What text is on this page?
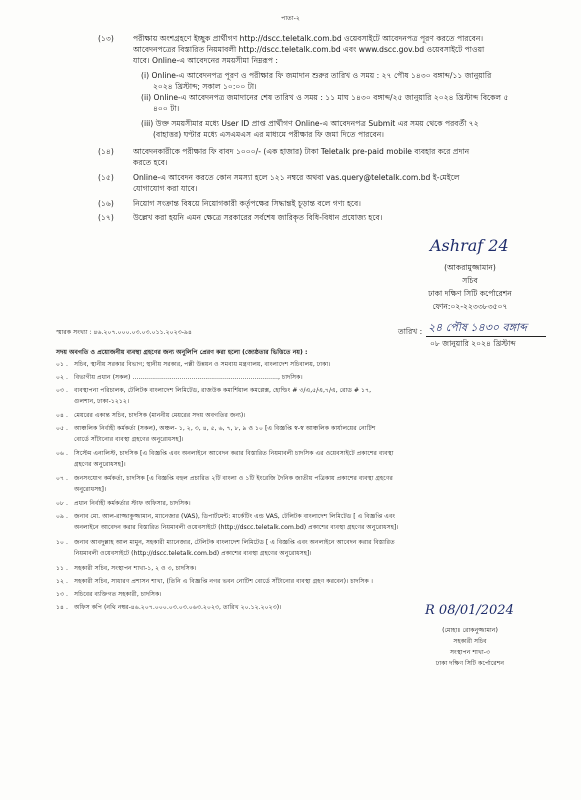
পাতা-২
(১৩)	পরীক্ষায় অংশগ্রহণে ইচ্ছুক প্রার্থীগণ http://dscc.teletalk.com.bd ওয়েবসাইটে আবেদনপত্র পূরণ করতে পারবেন।
আবেদনপত্রের বিস্তারিত নিয়মাবলী http://dscc.teletalk.com.bd এবং www.dscc.gov.bd ওয়েবসাইটে পাওয়া
যাবে। Online-এ আবেদনের সময়সীমা নিম্নরূপ :
(i) Online-এ আবেদনপত্র পূরণ ও পরীক্ষার ফি জমাদান শুরুর তারিখ ও সময় : ২৭ পৌষ ১৪৩০ বঙ্গাব্দ/১১ জানুয়ারি
২০২৪ খ্রিস্টাব্দ; সকাল ১০:০০ টা।
(ii) Online-এ আবেদনপত্র জমাদানের শেষ তারিখ ও সময় : ১১ মাঘ ১৪৩০ বঙ্গাব্দ/২৫ জানুয়ারি ২০২৪ খ্রিস্টাব্দ বিকেল ৫
৪০০ টা।
(iii) উক্ত সময়সীমার মধ্যে User ID প্রাপ্ত প্রার্থীগণ Online-এ আবেদনপত্র Submit এর সময় থেকে পরবর্তী ৭২
(বাহাত্তর) ঘণ্টার মধ্যে এসএমএস এর মাধ্যমে পরীক্ষার ফি জমা দিতে পারবেন।
(১৪)	আবেদনকারীকে পরীক্ষার ফি বাবদ ১০০০/- (এক হাজার) টাকা Teletalk pre-paid mobile ব্যবহার করে প্রদান
করতে হবে।
(১৫)	Online-এ আবেদন করতে কোন সমস্যা হলে ১২১ নম্বরে অথবা vas.query@teletalk.com.bd ই-মেইলে
যোগাযোগ করা যাবে।
(১৬)	নিয়োগ সংক্রান্ত বিষয়ে নিয়োগকারী কর্তৃপক্ষের সিদ্ধান্তই চূড়ান্ত বলে গণ্য হবে।
(১৭)	উল্লেখ করা হয়নি এমন ক্ষেত্রে সরকারের সর্বশেষ জারিকৃত বিধি-বিধান প্রযোজ্য হবে।
Ashraf 24
(আকরামুজ্জামান)
সচিব
ঢাকা দক্ষিণ সিটি কর্পোরেশন
ফোন:০২-২২৩৩৮৩৫০৭
স্মারক সংখ্যা : ৪৬.২০৭.০০০.০৩.০৩.০১১.২০২৩-৯৪	তারিখ : ২৪ পৌষ ১৪৩০ বঙ্গাব্দ
০৮ জানুয়ারি ২০২৪ খ্রিস্টাব্দ
সদয় অবগতি ও প্রয়োজনীয় ব্যবস্থা গ্রহণের জন্য অনুলিপি প্রেরণ করা হলো (জ্যেষ্ঠতার ভিত্তিতে নয়) :
০১ . সচিব, স্থানীয় সরকার বিভাগ; স্থানীয় সরকার, পল্লী উন্নয়ন ও সমবায় মন্ত্রণালয়, বাংলাদেশ সচিবালয়, ঢাকা।
০২ . বিভাগীয় প্রধান (সকল) .........................................................................., চাদসিক।
০৩ . ব্যবস্থাপনা পরিচালক, টেলিটক বাংলাদেশ লিমিটেড, রাজউক কমার্শিয়াল কমপ্লেক্স, হোল্ডিং # ৩/এ,৫/এ,৭/এ, রোড # ১৭,
গুলশান, ঢাকা-১২১২।
০৪ . মেয়রের একান্ত সচিব, চাদসিক (মাননীয় মেয়রের সদয় অবগতির জন্য)।
০৫ . আঞ্চলিক নির্বাহী কর্মকর্তা (সকল), অঞ্চল- ১, ২, ৩, ৪, ৫, ৬, ৭, ৮, ৯ ও ১০ [এ বিজ্ঞপ্তি স্ব-স্ব আঞ্চলিক কার্যালয়ের নোটিশ
বোর্ডে সাঁটানোর ব্যবস্থা গ্রহণের অনুরোধসহ]।
০৬ . সিস্টেম এনালিস্ট, চাদসিক [এ বিজ্ঞপ্তি এবং অনলাইনে আবেদন করার বিস্তারিত নিয়মাবলী চাদসিক এর ওয়েবসাইটে প্রকাশের ব্যবস্থা
গ্রহণের অনুরোধসহ]।
০৭ . জনসংযোগ কর্মকর্তা, চাদসিক [এ বিজ্ঞপ্তি বহুল প্রচারিত ২টি বাংলা ও ১টি ইংরেজি দৈনিক জাতীয় পত্রিকায় প্রকাশের ব্যবস্থা গ্রহণের
অনুরোধসহ]।
০৮ . প্রধান নির্বাহী কর্মকর্তার স্টাফ অফিসার, চাদসিক।
০৯ . জনাব মো. আল-রাজ্জাকুজ্জামান, ম্যানেজার (VAS), ডিপার্টমেন্ট: মার্কেটিং এন্ড VAS, টেলিটক বাংলাদেশ লিমিটেড [ এ বিজ্ঞপ্তি এবং
অনলাইনে আবেদন করার বিস্তারিত নিয়মাবলী ওয়েবসাইটে (http://dscc.teletalk.com.bd) প্রকাশের ব্যবস্থা গ্রহণের অনুরোধসহ]।
১০ . জনাব আবদুল্লাহ আল মামুন, সহকারী ম্যানেজার, টেলিটক বাংলাদেশ লিমিটেড [ এ বিজ্ঞপ্তি এবং অনলাইনে আবেদন করার বিস্তারিত
নিয়মাবলী ওয়েবসাইটে (http://dscc.teletalk.com.bd) প্রকাশের ব্যবস্থা গ্রহণের অনুরোধসহ]।
১১ . সহকারী সচিব, সংস্থাপন শাখা-১, ২ ও ৩, চাদসিক।
১২ . সহকারী সচিব, সাধারণ প্রশাসন শাখা, (তিনি এ বিজ্ঞপ্তি নগর ভবন নোটিশ বোর্ডে সাঁটানোর ব্যবস্থা গ্রহণ করবেন)। চাদসিক ।
১৩ . সচিবের ব্যক্তিগত সহকারী, চাদসিক।
১৪ . অফিস কপি (নথি নম্বর-৪৬.২০৭.০০০.০৩.০৩.০৬৩.২০২৩, তারিখ ২০.১২.২০২৩)।	R 08/01/2024
(মোহাঃ রোকনুজ্জামান)
সহকারী সচিব
সংস্থাপন শাখা-৩
ঢাকা দক্ষিণ সিটি কর্পোরেশন
